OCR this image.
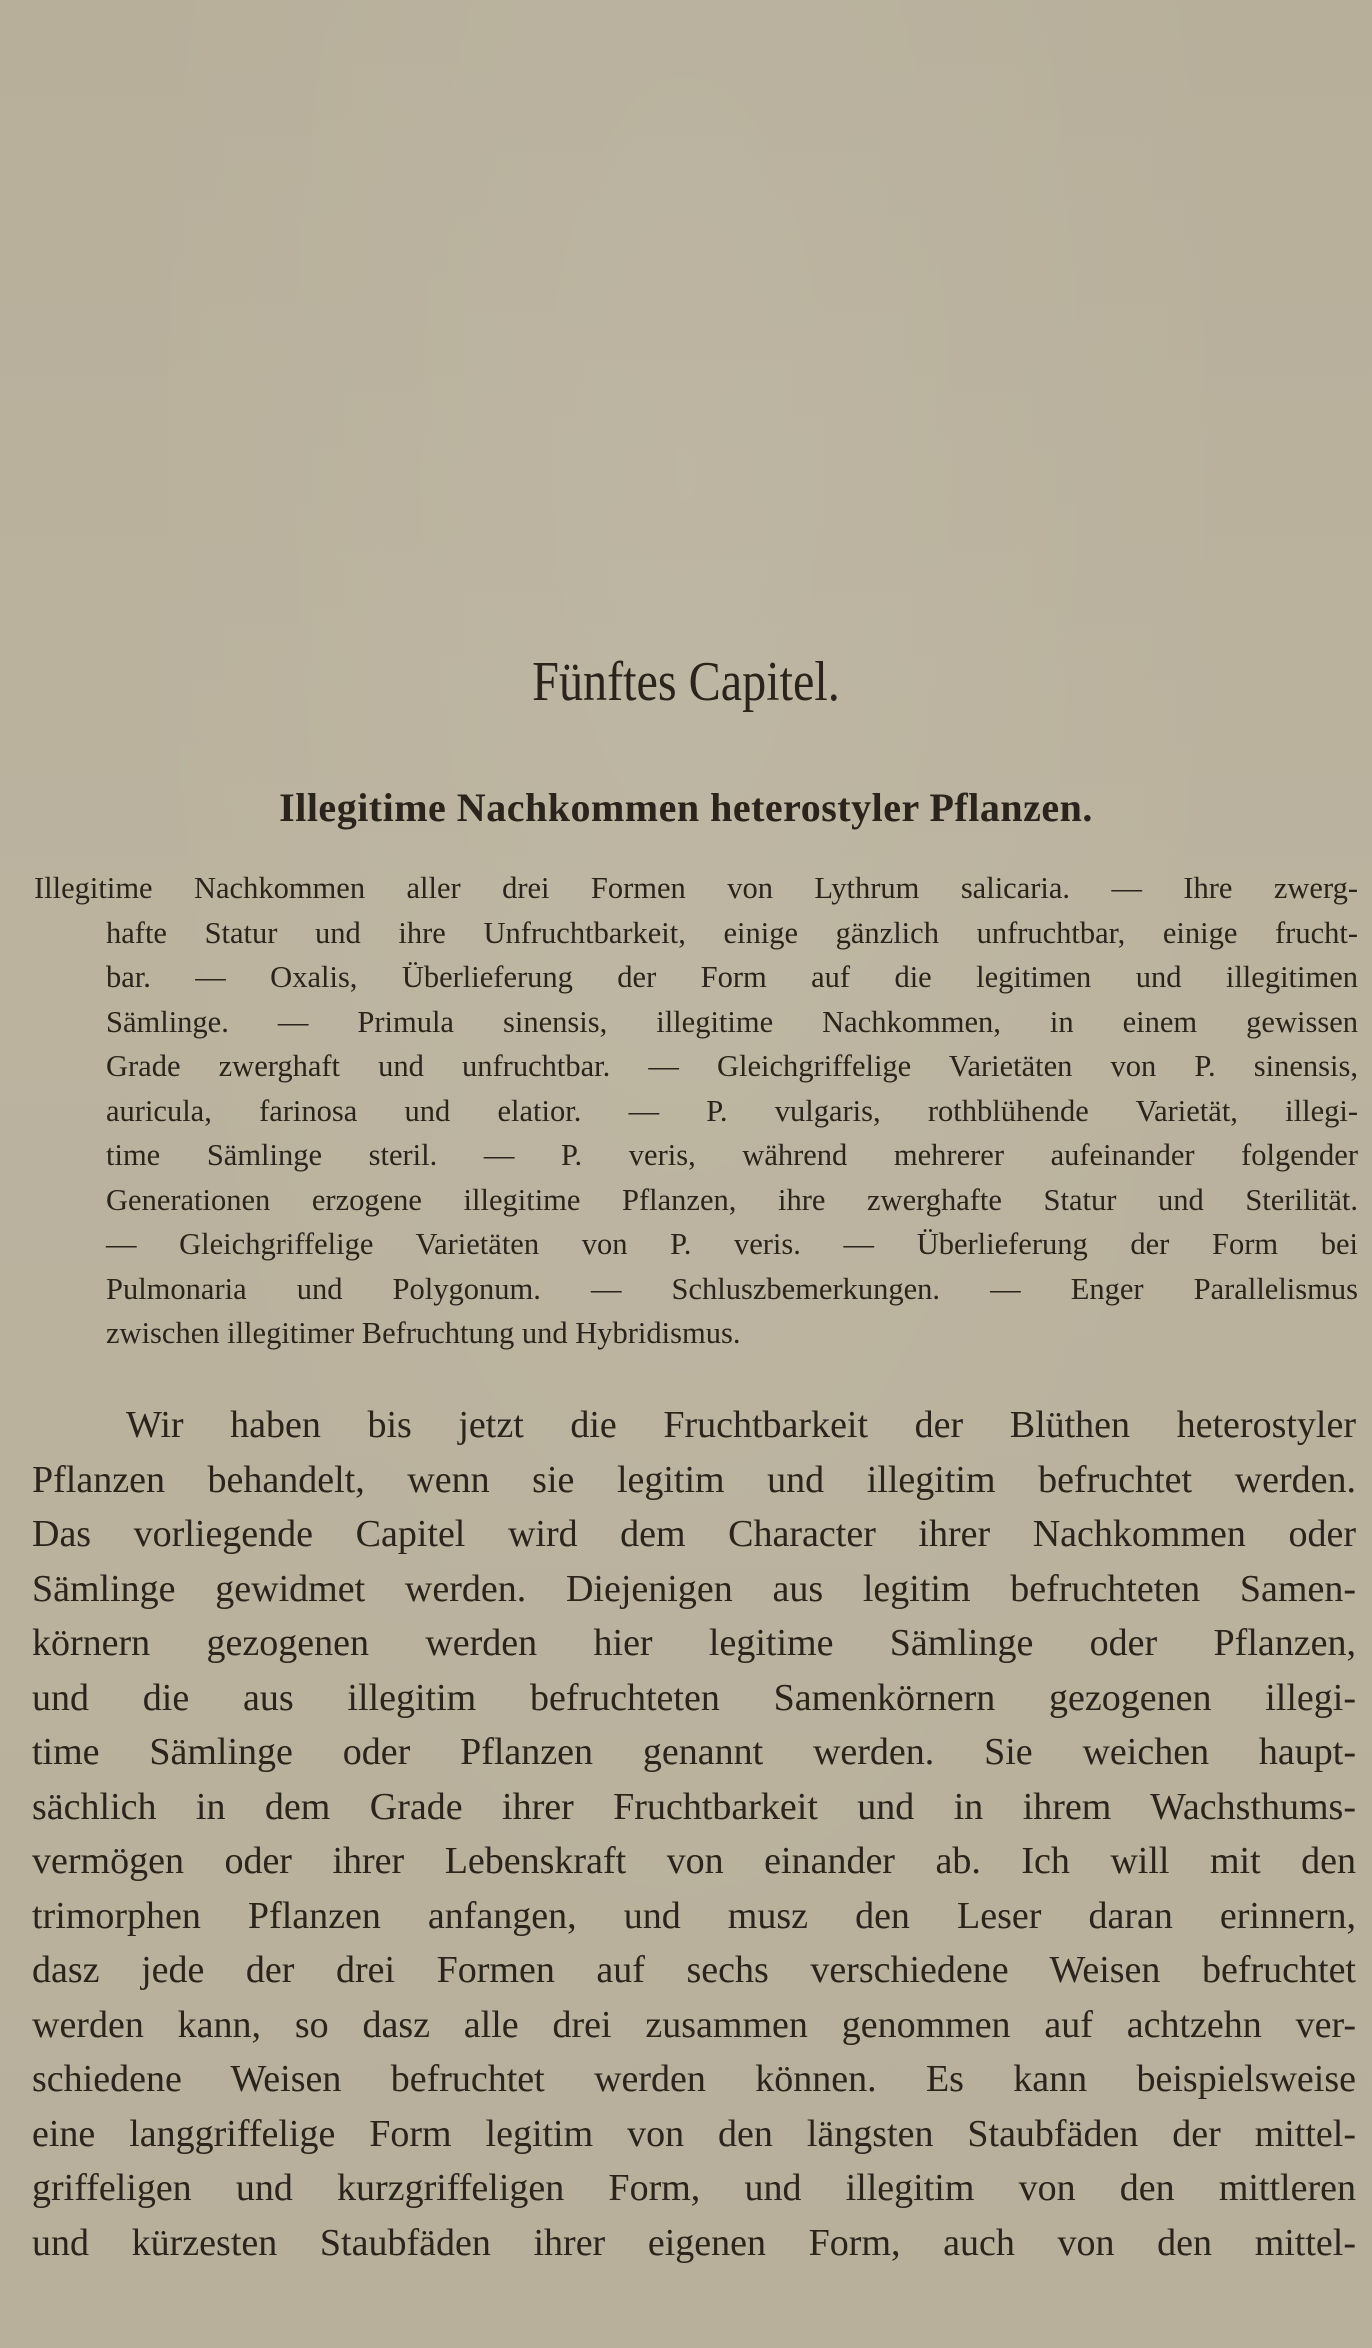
Fünftes Capitel.
Illegitime Nachkommen heterostyler Pflanzen.
Illegitime Nachkommen aller drei Formen von Lythrum salicaria. — Ihre zwerg-
hafte Statur und ihre Unfruchtbarkeit, einige gänzlich unfruchtbar, einige frucht-
bar. — Oxalis, Überlieferung der Form auf die legitimen und illegitimen
Sämlinge. — Primula sinensis, illegitime Nachkommen, in einem gewissen
Grade zwerghaft und unfruchtbar. — Gleichgriffelige Varietäten von P. sinensis,
auricula, farinosa und elatior. — P. vulgaris, rothblühende Varietät, illegi-
time Sämlinge steril. — P. veris, während mehrerer aufeinander folgender
Generationen erzogene illegitime Pflanzen, ihre zwerghafte Statur und Sterilität.
— Gleichgriffelige Varietäten von P. veris. — Überlieferung der Form bei
Pulmonaria und Polygonum. — Schluszbemerkungen. — Enger Parallelismus
zwischen illegitimer Befruchtung und Hybridismus.
Wir haben bis jetzt die Fruchtbarkeit der Blüthen heterostyler
Pflanzen behandelt, wenn sie legitim und illegitim befruchtet werden.
Das vorliegende Capitel wird dem Character ihrer Nachkommen oder
Sämlinge gewidmet werden. Diejenigen aus legitim befruchteten Samen-
körnern gezogenen werden hier legitime Sämlinge oder Pflanzen,
und die aus illegitim befruchteten Samenkörnern gezogenen illegi-
time Sämlinge oder Pflanzen genannt werden. Sie weichen haupt-
sächlich in dem Grade ihrer Fruchtbarkeit und in ihrem Wachsthums-
vermögen oder ihrer Lebenskraft von einander ab. Ich will mit den
trimorphen Pflanzen anfangen, und musz den Leser daran erinnern,
dasz jede der drei Formen auf sechs verschiedene Weisen befruchtet
werden kann, so dasz alle drei zusammen genommen auf achtzehn ver-
schiedene Weisen befruchtet werden können. Es kann beispielsweise
eine langgriffelige Form legitim von den längsten Staubfäden der mittel-
griffeligen und kurzgriffeligen Form, und illegitim von den mittleren
und kürzesten Staubfäden ihrer eigenen Form, auch von den mittel-
